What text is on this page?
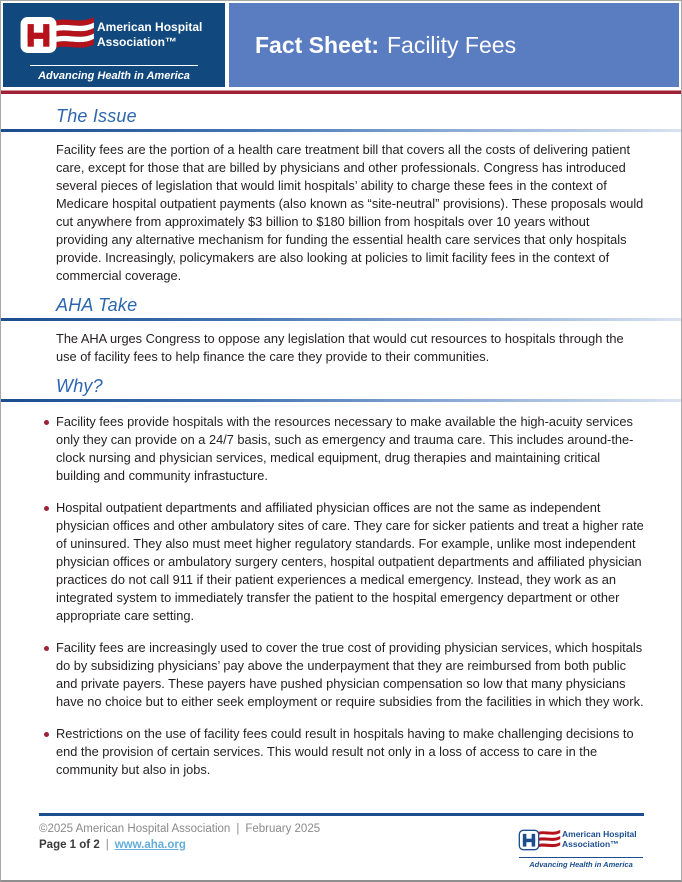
American Hospital Association™
Advancing Health in America
Fact Sheet: Facility Fees
The Issue

Facility fees are the portion of a health care treatment bill that covers all the costs of delivering patient care, except for those that are billed by physicians and other professionals. Congress has introduced several pieces of legislation that would limit hospitals’ ability to charge these fees in the context of Medicare hospital outpatient payments (also known as “site-neutral” provisions). These proposals would cut anywhere from approximately $3 billion to $180 billion from hospitals over 10 years without providing any alternative mechanism for funding the essential health care services that only hospitals provide. Increasingly, policymakers are also looking at policies to limit facility fees in the context of commercial coverage.

AHA Take

The AHA urges Congress to oppose any legislation that would cut resources to hospitals through the use of facility fees to help finance the care they provide to their communities.

Why?
Facility fees provide hospitals with the resources necessary to make available the high-acuity services only they can provide on a 24/7 basis, such as emergency and trauma care. This includes around-the-clock nursing and physician services, medical equipment, drug therapies and maintaining critical building and community infrastucture.
Hospital outpatient departments and affiliated physician offices are not the same as independent physician offices and other ambulatory sites of care. They care for sicker patients and treat a higher rate of uninsured. They also must meet higher regulatory standards. For example, unlike most independent physician offices or ambulatory surgery centers, hospital outpatient departments and affiliated physician practices do not call 911 if their patient experiences a medical emergency. Instead, they work as an integrated system to immediately transfer the patient to the hospital emergency department or other appropriate care setting.
Facility fees are increasingly used to cover the true cost of providing physician services, which hospitals do by subsidizing physicians’ pay above the underpayment that they are reimbursed from both public and private payers. These payers have pushed physician compensation so low that many physicians have no choice but to either seek employment or require subsidies from the facilities in which they work.
Restrictions on the use of facility fees could result in hospitals having to make challenging decisions to end the provision of certain services. This would result not only in a loss of access to care in the community but also in jobs.
©2025 American Hospital Association | February 2025
Page 1 of 2 | www.aha.org
American Hospital Association™
Advancing Health in America
